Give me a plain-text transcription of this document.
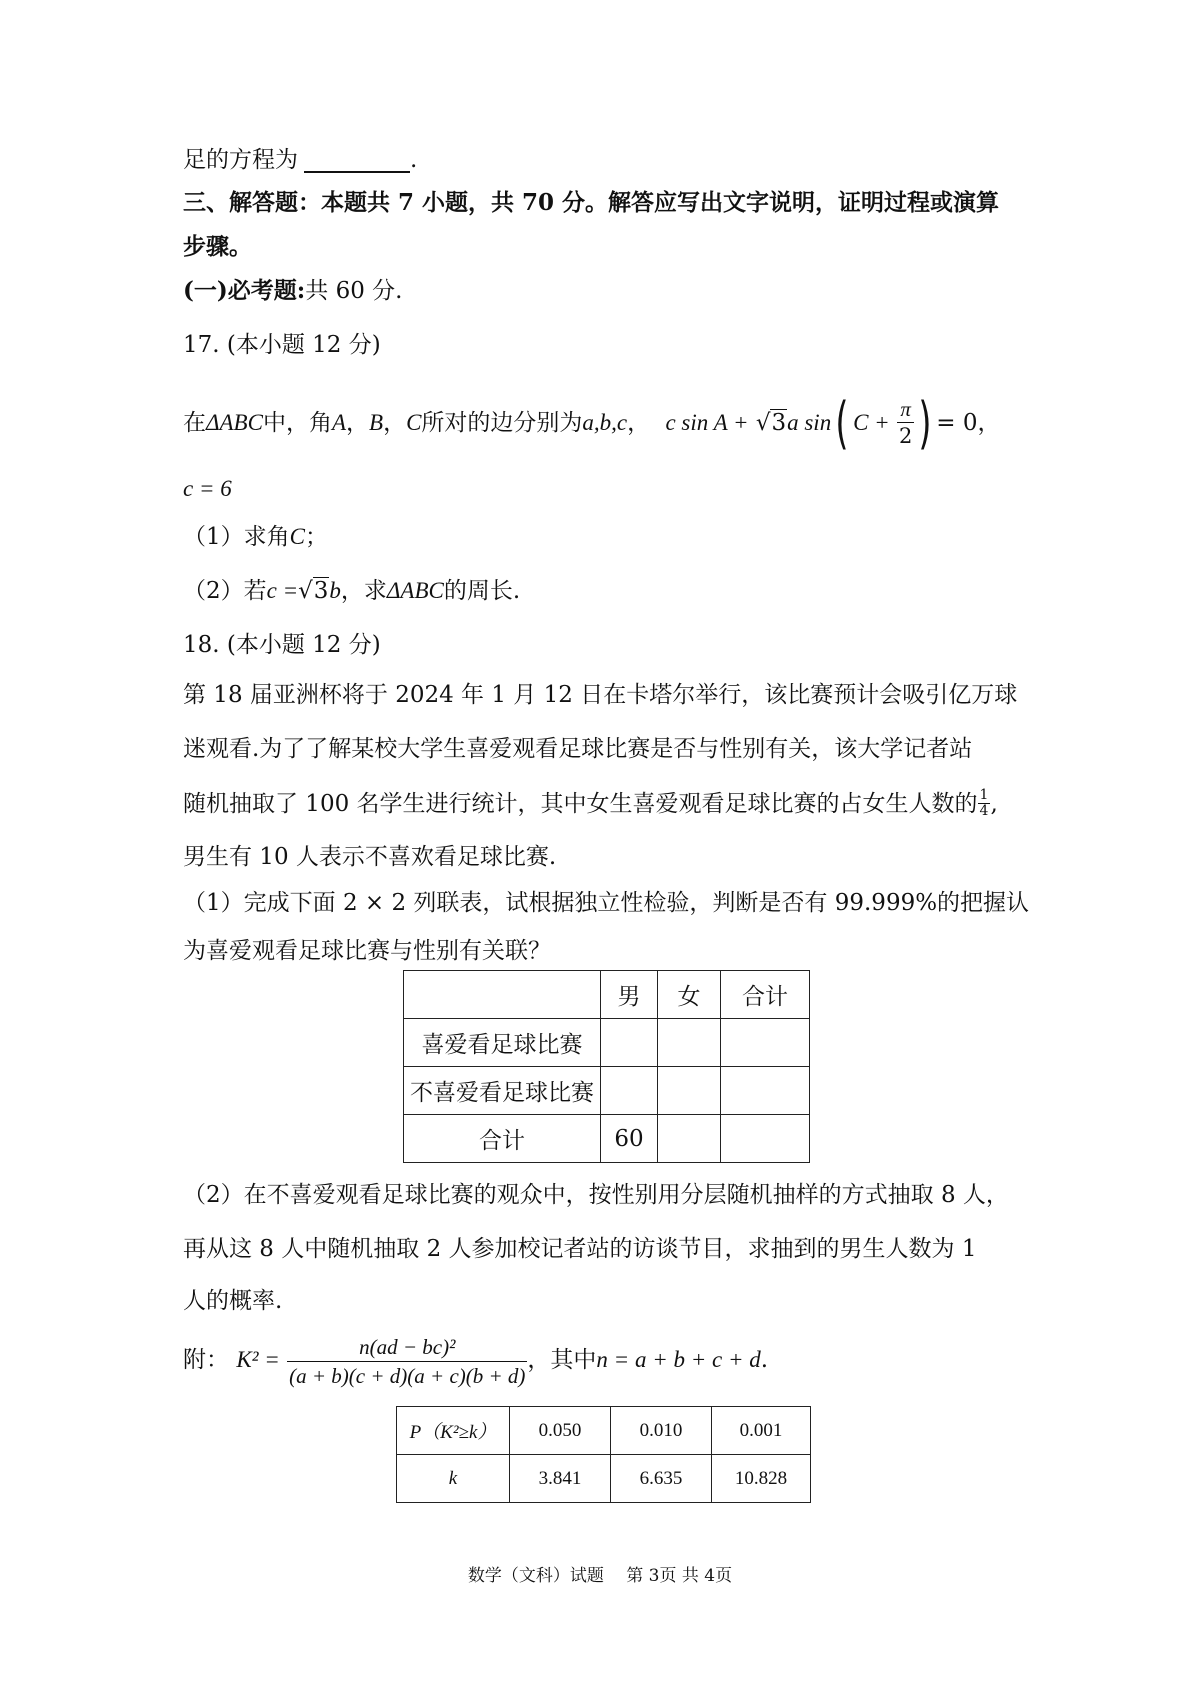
足的方程为	.
三、解答题：本题共 7 小题，共 70 分。解答应写出文字说明，证明过程或演算
步骤。
(一)必考题:共 60 分.
17. (本小题 12 分)
在ΔABC中，角A，B，C所对的边分别为a,b,c， c sin A + √3a sin( $C + \frac{\pi}{2}$ ) = 0，
c = 6
（1）求角C；
（2）若c =√3b，求ΔABC的周长.
18. (本小题 12 分)
第 18 届亚洲杯将于 2024 年 1 月 12 日在卡塔尔举行，该比赛预计会吸引亿万球
迷观看.为了了解某校大学生喜爱观看足球比赛是否与性别有关，该大学记者站
随机抽取了 100 名学生进行统计，其中女生喜爱观看足球比赛的占女生人数的 $\frac{1}{4}$ ,
男生有 10 人表示不喜欢看足球比赛.
（1）完成下面 2 × 2 列联表，试根据独立性检验，判断是否有 99.999%的把握认
为喜爱观看足球比赛与性别有关联？
	男	女	合计
喜爱看足球比赛			
不喜爱看足球比赛			
合计	60		
（2）在不喜爱观看足球比赛的观众中，按性别用分层随机抽样的方式抽取 8 人，
再从这 8 人中随机抽取 2 人参加校记者站的访谈节目，求抽到的男生人数为 1
人的概率.
附： $K^2 = \frac{\text{n(ad − bc)²}}{(a + b)(c + d)(a + c)(b + d)}$ ，其中n = a + b + c + d.
P（K²≥k）	0.050	0.010	0.001
k	3.841	6.635	10.828
数学（文科）试题　 第 3页 共 4页
